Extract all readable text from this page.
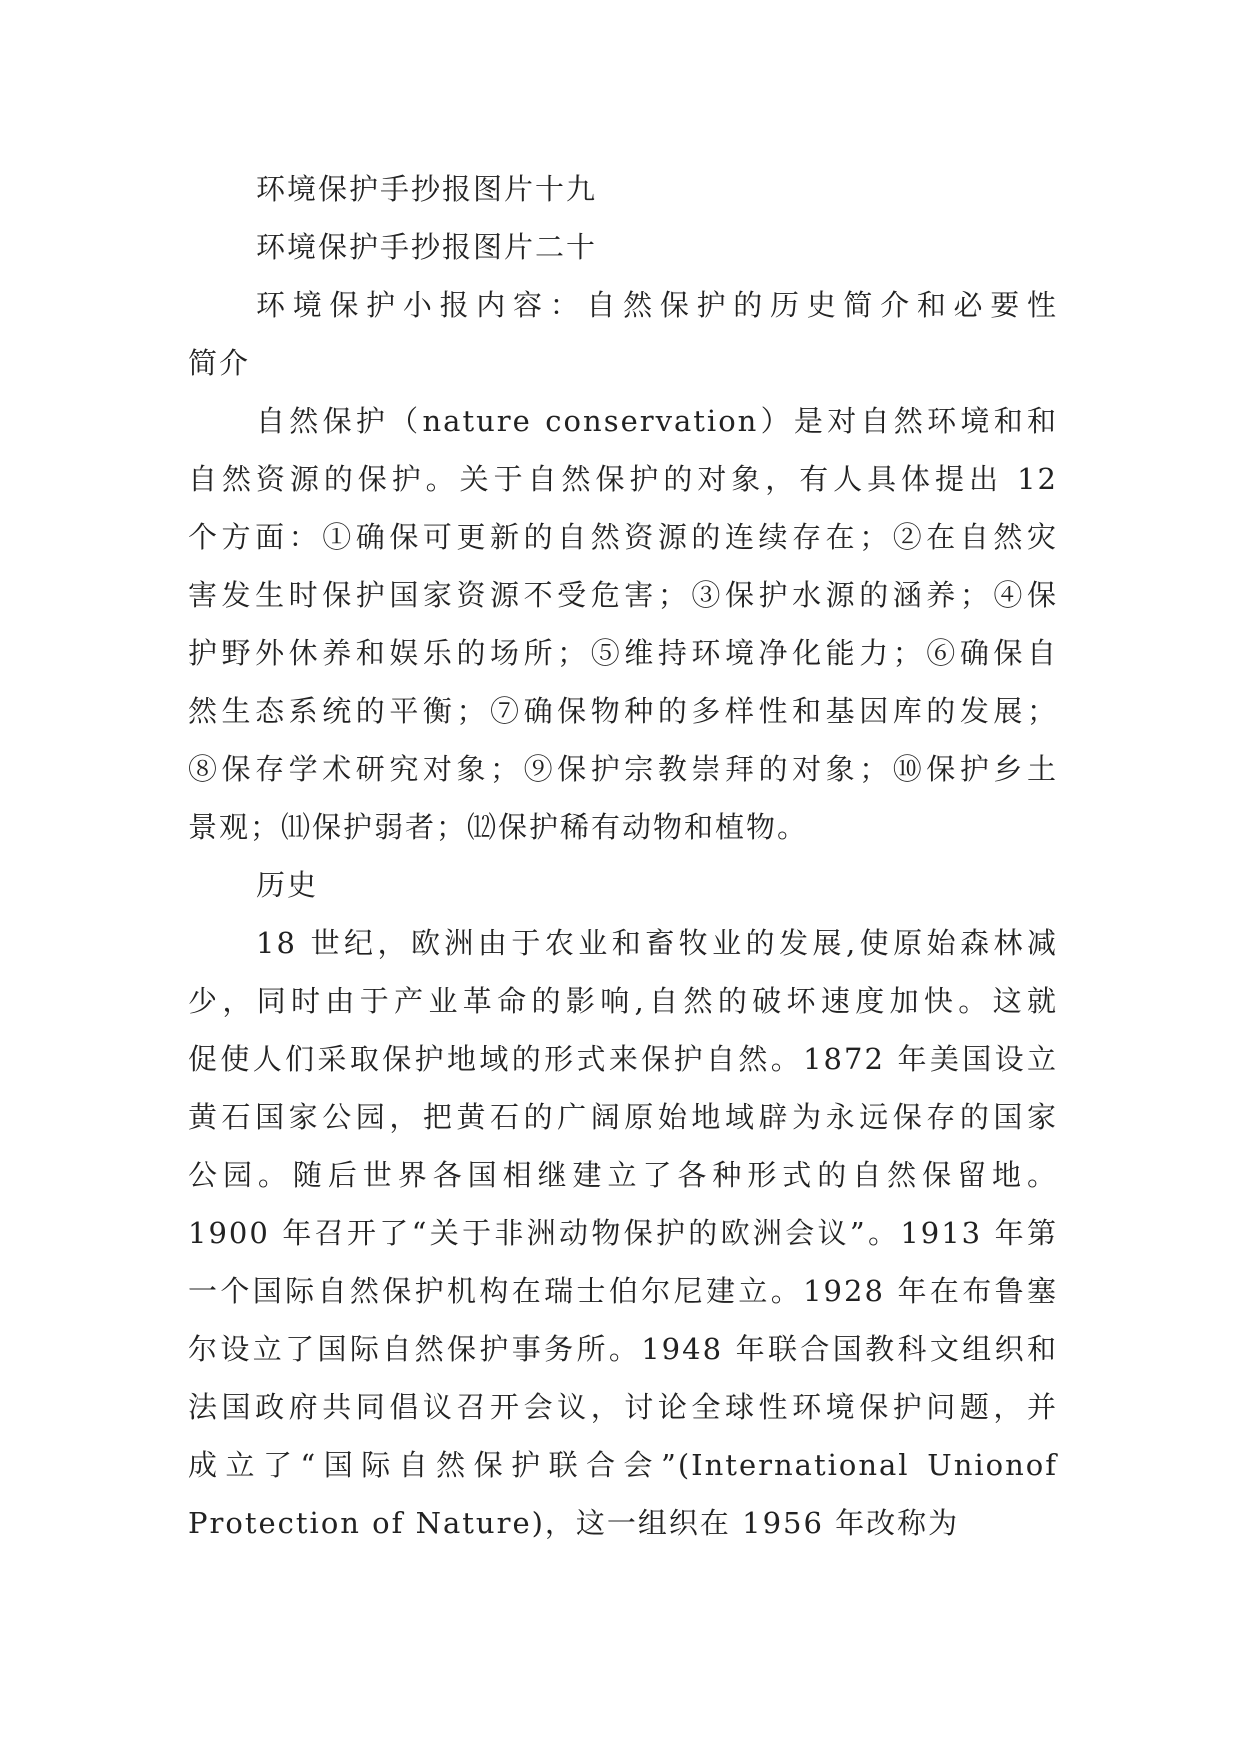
环境保护手抄报图片十九
环境保护手抄报图片二十
环境保护小报内容：自然保护的历史简介和必要性
简介
自然保护（nature conservation）是对自然环境和和
自然资源的保护。关于自然保护的对象，有人具体提出 12
个方面：①确保可更新的自然资源的连续存在；②在自然灾
害发生时保护国家资源不受危害；③保护水源的涵养；④保
护野外休养和娱乐的场所；⑤维持环境净化能力；⑥确保自
然生态系统的平衡；⑦确保物种的多样性和基因库的发展；
⑧保存学术研究对象；⑨保护宗教崇拜的对象；⑩保护乡土
景观；⑾保护弱者；⑿保护稀有动物和植物。
历史
18 世纪，欧洲由于农业和畜牧业的发展,使原始森林减
少，同时由于产业革命的影响,自然的破坏速度加快。这就
促使人们采取保护地域的形式来保护自然。1872 年美国设立
黄石国家公园，把黄石的广阔原始地域辟为永远保存的国家
公园。随后世界各国相继建立了各种形式的自然保留地。
1900 年召开了“关于非洲动物保护的欧洲会议”。1913 年第
一个国际自然保护机构在瑞士伯尔尼建立。1928 年在布鲁塞
尔设立了国际自然保护事务所。1948 年联合国教科文组织和
法国政府共同倡议召开会议，讨论全球性环境保护问题，并
成立了“国际自然保护联合会”(International Unionof
Protection of Nature)，这一组织在 1956 年改称为
